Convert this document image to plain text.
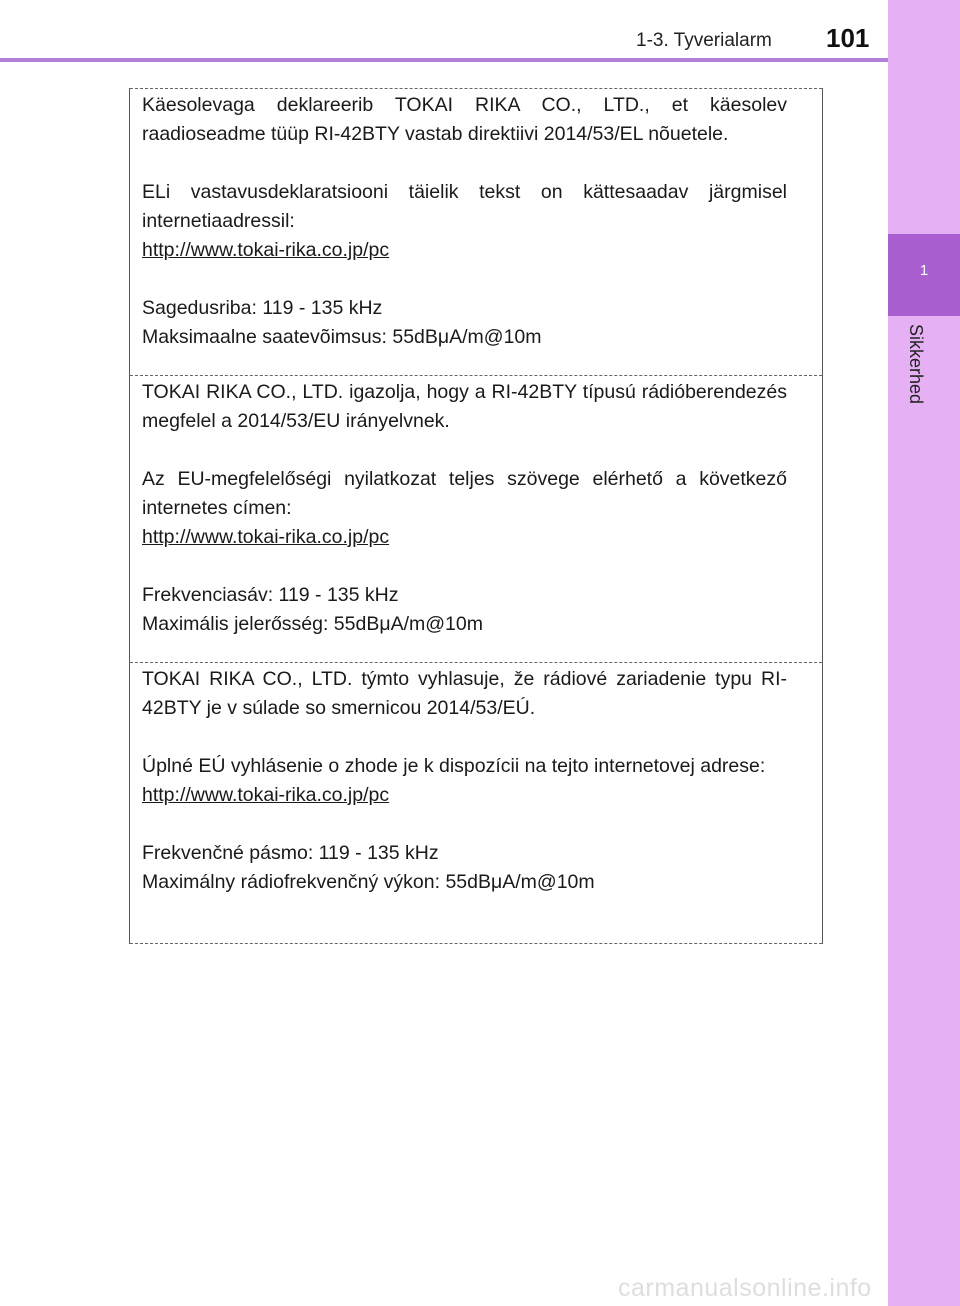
1-3. Tyverialarm 101
1
Sikkerhed

Käesolevaga deklareerib TOKAI RIKA CO., LTD., et käesolev raadioseadme tüüp RI-42BTY vastab direktiivi 2014/53/EL nõuetele.

ELi vastavusdeklaratsiooni täielik tekst on kättesaadav järgmisel internetiaadressil:

http://www.tokai-rika.co.jp/pc

Sagedusriba: 119 - 135 kHz

Maksimaalne saatevõimsus: 55dBμA/m@10m

TOKAI RIKA CO., LTD. igazolja, hogy a RI-42BTY típusú rádióberendezés megfelel a 2014/53/EU irányelvnek.

Az EU-megfelelőségi nyilatkozat teljes szövege elérhető a következő internetes címen:

http://www.tokai-rika.co.jp/pc

Frekvenciasáv: 119 - 135 kHz

Maximális jelerősség: 55dBμA/m@10m

TOKAI RIKA CO., LTD. týmto vyhlasuje, že rádiové zariadenie typu RI-42BTY je v súlade so smernicou 2014/53/EÚ.

Úplné EÚ vyhlásenie o zhode je k dispozícii na tejto internetovej adrese:

http://www.tokai-rika.co.jp/pc

Frekvenčné pásmo: 119 - 135 kHz

Maximálny rádiofrekvenčný výkon: 55dBμA/m@10m

carmanualsonline.info
